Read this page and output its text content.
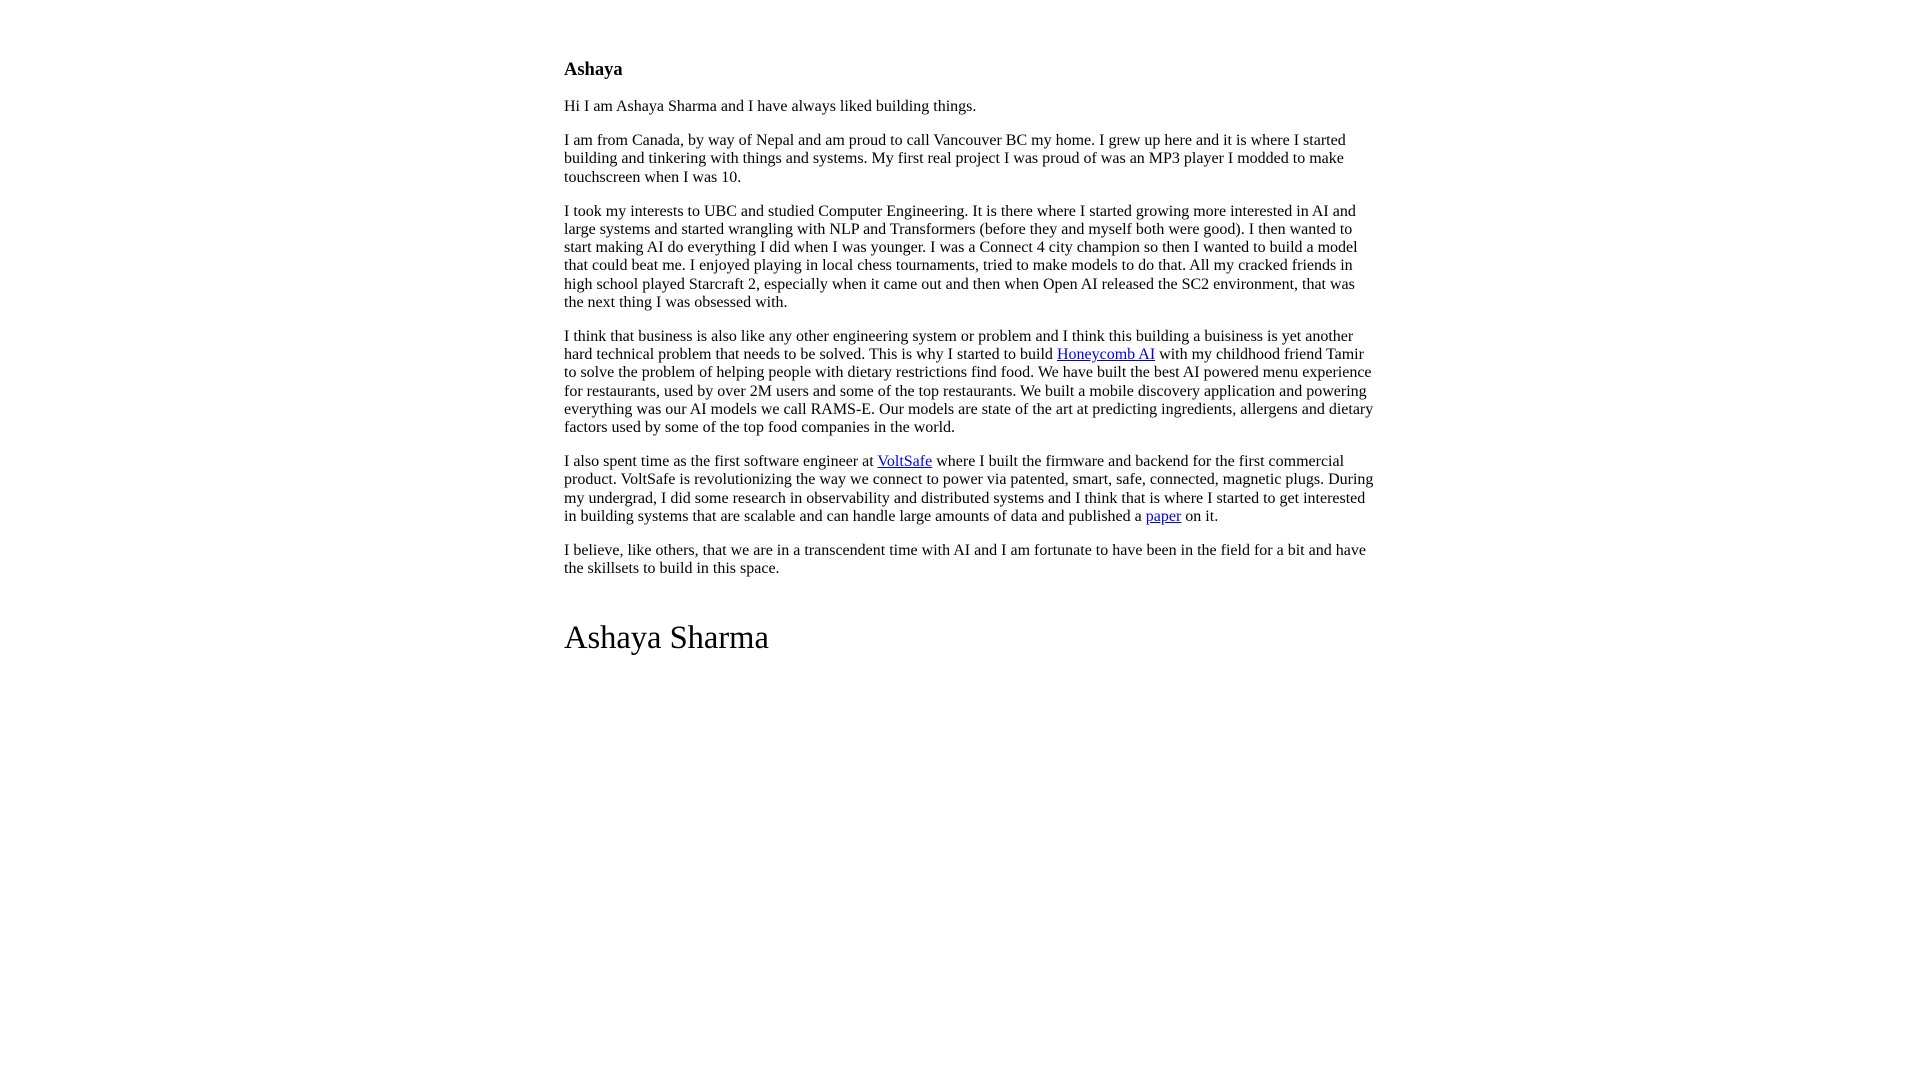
Ashaya

Hi I am Ashaya Sharma and I have always liked building things.

I am from Canada, by way of Nepal and am proud to call Vancouver BC my home. I grew up here and it is where I started building and tinkering with things and systems. My first real project I was proud of was an MP3 player I modded to make touchscreen when I was 10.

I took my interests to UBC and studied Computer Engineering. It is there where I started growing more interested in AI and large systems and started wrangling with NLP and Transformers (before they and myself both were good). I then wanted to start making AI do everything I did when I was younger. I was a Connect 4 city champion so then I wanted to build a model that could beat me. I enjoyed playing in local chess tournaments, tried to make models to do that. All my cracked friends in high school played Starcraft 2, especially when it came out and then when Open AI released the SC2 environment, that was the next thing I was obsessed with.

I think that business is also like any other engineering system or problem and I think this building a buisiness is yet another hard technical problem that needs to be solved. This is why I started to build Honeycomb AI with my childhood friend Tamir to solve the problem of helping people with dietary restrictions find food. We have built the best AI powered menu experience for restaurants, used by over 2M users and some of the top restaurants. We built a mobile discovery application and powering everything was our AI models we call RAMS-E. Our models are state of the art at predicting ingredients, allergens and dietary factors used by some of the top food companies in the world.

I also spent time as the first software engineer at VoltSafe where I built the firmware and backend for the first commercial product. VoltSafe is revolutionizing the way we connect to power via patented, smart, safe, connected, magnetic plugs. During my undergrad, I did some research in observability and distributed systems and I think that is where I started to get interested in building systems that are scalable and can handle large amounts of data and published a paper on it.

I believe, like others, that we are in a transcendent time with AI and I am fortunate to have been in the field for a bit and have the skillsets to build in this space.

Ashaya Sharma
